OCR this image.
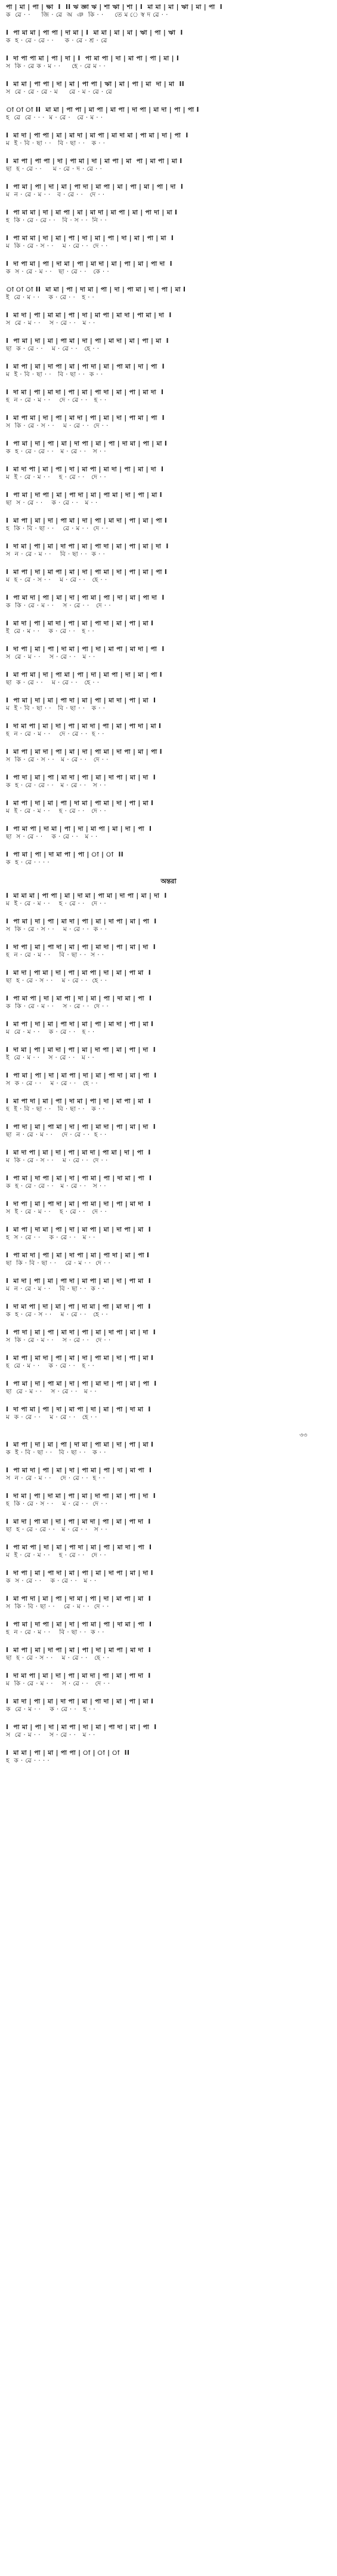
পা | মা | পা | ক্ষা  I  II ঋ জ্ঞা ঋ | শা ঋা | শা | I  মা মা | মা | ঋা | মা | পা  I
ক  ৱে · ·     জি · ৱে  অ  ঞ  কি · ·     তে ম ে স্ব দ ৱে · ·
I  পা মা মা | পা পা | দা মা | I  মা মা | মা | মা | ঋা | পা | ঋা  I
ক  হ · ৱে · ৱে · ·     ক · ৱে · শ্ৰ · ৱে
I  দা পা পা মা | পা | দা | I  পা মা পা | দা | মা পা | পা | মা | I
স  কি · ৱে ক · ম · ·     হে · ৱে ম · ·
I  মা মা | পা পা | দা | মা | পা পা | ঋা | মা | পা | মা  দা | মা  II
স  ৱে · ৱে · ৱে · ম     ৱে · ম · ৱে · ৱে
া া া II  মা মা | পা পা | মা পা | মা পা | দা পা | মা দা | পা | পা I
হ  ৱে  ৱে · · ·  ম · ৱে ·   ৱে · ম · ·
I  মা দা | পা পা | মা | মা দা | মা পা | মা দা মা | পা মা | দা | পা  I
ম  ই · বি · ছা · ·   বি · ছা · ·   ক · ·
I  মা পা | পা পা | দা | পা মা | দা | মা পা | মা  পা | মা পা | মা I
ছা  হ · ৱে · ·     ম · ৱে · দ · ৱে · ·
I  পা মা | পা | দা | মা | পা দা | মা পা | মা | পা | মা | পা | দা  I
ম  ন · ৱে · ম · ·   ব · ৱে · ·   দে · ·
I  পা মা মা | দা | মা পা | মা | মা দা | মা পা | মা | পা দা | মা I
হ  কি · ৱে · ৱে · ·   বি · স · ·  নি · ·
I  পা মা মা | দা | মা | পা | দা | মা | পা | দা | মা | পা | মা  I
ম  কি · ৱে · স · ·    ম · ৱে · ·  দে · ·
I  দা পা মা | পা | দা মা | পা | মা দা | মা | পা | মা | পা দা  I
ক  স · ৱে · ম · ·   ছা · ৱে · ·   কে · ·
া া া II  মা মা | পা | দা মা | পা | দা | পা মা | দা | পা | মা I
ই  ৱে · ম · ·    ক · ৱে · ·   হ · ·
I  মা দা | পা | মা মা | পা | দা | মা পা | মা দা | পা মা | দা  I
স  ৱে · ম · ·    স · ৱে · ·   ম · ·
I  পা মা | দা | মা | পা মা | দা | পা | মা দা | মা | পা | মা  I
ছা  ক · ৱে · ·    ম · ৱে · ·   হে · ·
I  মা পা | মা | দা পা | মা | পা দা | মা | পা মা | দা | পা  I
ম  ই · বি · ছা · ·   বি · ছা · ·  ক · ·
I  দা মা | পা | মা দা | পা | মা | পা দা | মা | পা | মা দা  I
হ  ন · ৱে · ম · ·    দে · ৱে · ·   হ · ·
I  মা পা মা | দা | পা | মা দা | পা | মা | দা | পা মা | পা  I
স  কি · ৱে · স · ·    ম · ৱে · ·  দে · ·
I  পা মা | দা | পা | মা | দা পা | মা | পা | দা মা | পা | মা I
ক  হ · ৱে · ৱে · ·   ম · ৱে · ·   স · ·
I  মা দা পা | মা | পা | দা | মা পা | মা দা | পা | মা | দা  I
ম  ই · ৱে · ম · ·    হ · ৱে · ·   দে · ·
I  পা মা | দা পা | মা | পা দা | মা | পা মা | দা | পা | মা I
ছা  স · ৱে · ·    ক · ৱে · ·   ম · ·
I  মা পা | মা | দা | পা মা | দা | পা | মা দা | পা | মা | পা I
হ  কি · বি · ছা · ·    ৱে · ম · ·  দে · ·
I  দা মা | পা | মা | দা পা | মা | পা দা | মা | পা | মা | দা  I
স  ন · ৱে · ম · ·    বি · ছা · ·  ক · ·
I  মা পা | দা | মা পা | মা | দা | পা মা | দা | পা | মা | পা I
ম  হ · ৱে · স · ·    ম · ৱে · ·   হে · ·
I  পা মা দা | পা | মা | দা | পা মা | পা | দা | মা | পা দা  I
ক  কি · ৱে · ম · ·    স · ৱে · ·   দে · ·
I  মা দা | পা | মা দা | পা | মা | পা দা | মা | পা | মা I
ই  ৱে · ম · ·    ক · ৱে · ·   হ · ·
I  দা পা | মা | পা | দা মা | পা | দা | মা পা | মা দা | পা  I
স  ৱে · ম · ·    স · ৱে · ·   ম · ·
I  মা পা মা | দা | পা মা | পা | দা | মা পা | দা | মা | পা I
ছা  ক · ৱে · ·    ম · ৱে · ·   হে · ·
I  পা মা | দা | মা | পা দা | মা | পা | মা দা | পা | মা  I
ম  ই · বি · ছা · ·   বি · ছা · ·   ক · ·
I  দা মা পা | মা | দা | পা | মা দা | পা | মা | পা দা | মা I
হ  ন · ৱে · ম · ·    দে · ৱে · ·  হ · ·
I  মা পা | মা দা | পা | মা | দা | পা মা | দা পা | মা | পা I
স  কি · ৱে · স · ·   ম · ৱে · ·   দে · ·
I  পা দা | মা | পা | মা দা | পা | মা | দা পা | মা | দা  I
ক  হ · ৱে · ৱে · ·   ম · ৱে · ·   স · ·
I  মা পা | দা | মা | পা | দা মা | পা মা | দা | পা | মা I
ম  ই · ৱে · ম · ·    হ · ৱে · ·   দে · ·
I  পা মা পা | দা মা | পা | দা | মা পা | মা | দা | পা  I
ছা  স · ৱে · ·    ক · ৱে · ·   ম · ·
I  পা মা | পা | দা মা পা | পা | া | া  II
ক  হ · ৱে · · · ·
অন্তরা
I  মা মা মা | পা পা | মা | দা মা | পা মা | দা পা | মা | দা  I
ম  ই · ৱে · ম · ·    হ · ৱে · ·   দে · ·
I  পা মা | দা | পা | মা দা | পা | মা | দা পা | মা | পা  I
স  কি · ৱে · স · ·    ম · ৱে · ·  ক · ·
I  দা পা | মা | পা দা | মা | পা | মা দা | পা | মা | দা  I
হ  ন · ৱে · ম · ·    বি · ছা · ·  স · ·
I  মা দা | পা মা | দা | পা | মা পা | দা | মা | পা মা  I
ছা  হ · ৱে · স · ·    ম · ৱে · ·  হে · ·
I  পা মা পা | দা | মা পা | দা | মা | পা | দা মা | পা  I
ক  কি · ৱে · ম · ·    স · ৱে · ·  দে · ·
I  মা পা | দা | মা | পা দা | মা | পা | মা দা | পা | মা I
ম  ৱে · ম · ·    ক · ৱে · ·   হ · ·
I  দা মা | পা | মা দা | পা | মা | দা পা | মা | পা | দা  I
ই  ৱে · ম · ·    স · ৱে · ·   ম · ·
I  পা মা | পা | দা | মা পা | দা | মা | পা দা | মা | পা  I
স  ক · ৱে · ·    ম · ৱে · ·   হে · ·
I  মা পা দা | মা | পা | দা মা | পা | দা | মা পা | মা  I
হ  ই · বি · ছা · ·   বি · ছা · ·   ক · ·
I  পা দা | মা | পা মা | দা | পা | মা দা | পা | মা | দা  I
ছা  ন · ৱে · ম · ·    দে · ৱে · ·  হ · ·
I  মা দা পা | মা | দা | পা | মা দা | পা মা | দা | পা  I
ম  কি · ৱে · স · ·    ম · ৱে · ·  দে · ·
I  পা মা | দা পা | মা | দা | পা মা | পা | দা মা | পা  I
ক  হ · ৱে · ৱে · ·   ম · ৱে · ·   স · ·
I  দা পা | মা | পা দা | মা | পা মা | দা | পা | মা দা  I
স  ই · ৱে · ম · ·    হ · ৱে · ·   দে · ·
I  মা পা | দা মা | পা | দা | মা পা | মা | দা পা | মা  I
হ  স · ৱে · ·    ক · ৱে · ·   ম · ·
I  পা মা দা | পা | মা | দা পা | মা | পা দা | মা | পা I
ছা  কি · বি · ছা · ·    ৱে · ম · ·  দে · ·
I  মা দা | পা | মা | পা দা | মা পা | মা | দা | পা মা  I
ম  ন · ৱে · ম · ·    বি · ছা · ·  ক · ·
I  দা মা পা | দা | মা | পা | দা মা | পা | মা দা | পা  I
ক  হ · ৱে · স · ·    ম · ৱে · ·   হে · ·
I  পা দা | মা | পা | মা দা | পা | মা | দা পা | মা | দা  I
স  কি · ৱে · ম · ·    স · ৱে · ·   দে · ·
I  মা পা | মা দা | পা | মা | দা | পা মা | দা | পা | মা I
হ  ৱে · ম · ·    ক · ৱে · ·   হ · ·
I  পা মা | দা | পা মা | দা | পা | মা দা | পা | মা | পা  I
ছা  ৱে · ম · ·    স · ৱে · ·   ম · ·
I  দা পা মা | পা | দা | মা পা | দা | মা | পা | দা মা  I
ম  ক · ৱে · ·    ম · ৱে · ·   হে · ·
৩৩
I  মা পা | দা | মা | পা | দা মা | পা মা | দা | পা | মা I
ক  ই · বি · ছা · ·   বি · ছা · ·   ক · ·
I  পা মা দা | পা | মা | দা | পা মা | পা | দা | মা পা  I
স  ন · ৱে · ম · ·    দে · ৱে · ·  হ · ·
I  দা মা | পা | দা মা | পা | মা | দা পা | মা | পা | দা  I
হ  কি · ৱে · স · ·    ম · ৱে · ·  দে · ·
I  মা দা | পা মা | দা | পা | মা দা | পা | মা | পা দা  I
ছা  হ · ৱে · ৱে · ·   ম · ৱে · ·   স · ·
I  পা মা পা | দা | মা | পা দা | মা | পা | মা দা | পা  I
ম  ই · ৱে · ম · ·    হ · ৱে · ·   দে · ·
I  দা পা | মা | পা দা | মা | পা | মা | দা পা | মা | দা I
ক  স · ৱে · ·    ক · ৱে · ·   ম · ·
I  মা পা দা | মা | পা | দা মা | পা | দা | মা পা | মা  I
স  কি · বি · ছা · ·    ৱে · ম · ·  দে · ·
I  পা মা | দা পা | মা | দা | পা মা | পা | দা মা | পা  I
হ  ন · ৱে · ম · ·    বি · ছা · ·  ক · ·
I  মা পা | মা | দা পা | মা | পা | দা | মা পা | মা দা  I
ছা  হ · ৱে · স · ·    ম · ৱে · ·   হে · ·
I  দা মা পা | মা | দা | পা | মা দা | পা | মা | পা দা  I
ম  কি · ৱে · ম · ·    স · ৱে · ·   দে · ·
I  মা দা | পা | মা | দা পা | মা | পা দা | মা | পা | মা I
ক  ৱে · ম · ·    ক · ৱে · ·   হ · ·
I  পা মা | পা | দা | মা পা | দা | মা | পা দা | মা | পা  I
স  ৱে · ম · ·    স · ৱে · ·   ম · ·
I  মা মা | পা | মা | পা পা | া | া | া  II
হ  ক · ৱে · · · ·
